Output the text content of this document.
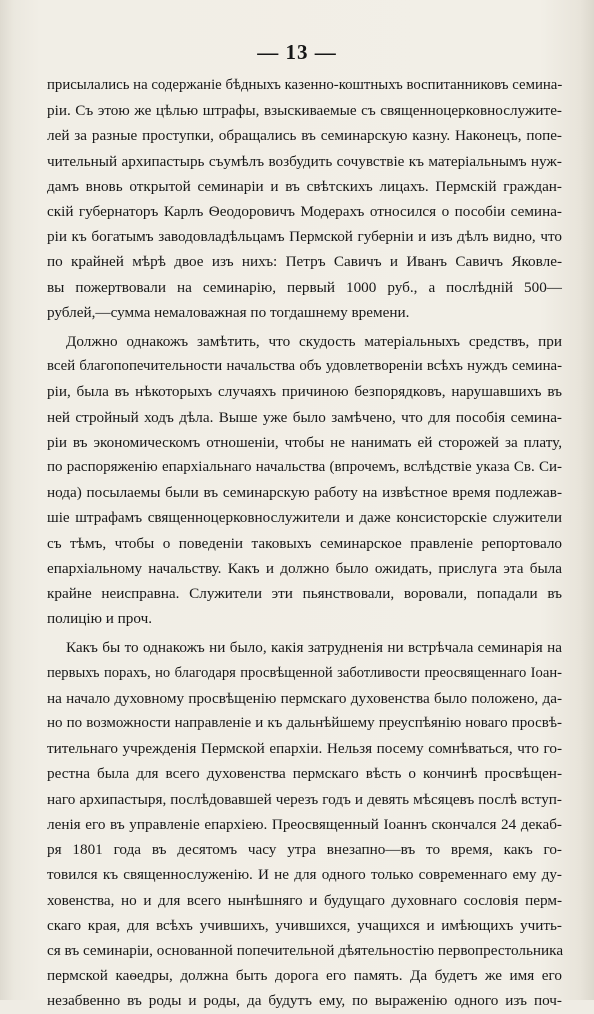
— 13 —
присылались на содержаніе бѣдныхъ казенно-коштныхъ воспитанниковъ семина-
ріи. Съ этою же цѣлью штрафы, взыскиваемые съ священноцерковнослужите-
лей за разные проступки, обращались въ семинарскую казну. Наконецъ, попе-
чительный архипастырь съумѣлъ возбудить сочувствіе къ матеріальнымъ нуж-
дамъ вновь открытой семинаріи и въ свѣтскихъ лицахъ. Пермскій граждан-
скій губернаторъ Карлъ Ѳеодоровичъ Модерахъ относился о пособіи семина-
ріи къ богатымъ заводовладѣльцамъ Пермской губерніи и изъ дѣлъ видно, что
по крайней мѣрѣ двое изъ нихъ: Петръ Савичъ и Иванъ Савичъ Яковле-
вы пожертвовали на семинарію, первый 1000 руб., а послѣдній 500—
рублей,—сумма немаловажная по тогдашнему времени.
Должно однакожъ замѣтить, что скудость матеріальныхъ средствъ, при
всей благопопечительности начальства объ удовлетвореніи всѣхъ нуждъ семина-
ріи, была въ нѣкоторыхъ случаяхъ причиною безпорядковъ, нарушавшихъ въ
ней стройный ходъ дѣла. Выше уже было замѣчено, что для пособія семина-
ріи въ экономическомъ отношеніи, чтобы не нанимать ей сторожей за плату,
по распоряженію епархіальнаго начальства (впрочемъ, вслѣдствіе указа Св. Си-
нода) посылаемы были въ семинарскую работу на извѣстное время подлежав-
шіе штрафамъ священноцерковнослужители и даже консисторскіе служители
съ тѣмъ, чтобы о поведеніи таковыхъ семинарское правленіе репортовало
епархіальному начальству. Какъ и должно было ожидать, прислуга эта была
крайне неисправна. Служители эти пьянствовали, воровали, попадали въ
полицію и проч.
Какъ бы то однакожъ ни было, какія затрудненія ни встрѣчала семинарія на
первыхъ порахъ, но благодаря просвѣщенной заботливости преосвященнаго Іоан-
на начало духовному просвѣщенію пермскаго духовенства было положено, да-
но по возможности направленіе и къ дальнѣйшему преуспѣянію новаго просвѣ-
тительнаго учрежденія Пермской епархіи. Нельзя посему сомнѣваться, что го-
рестна была для всего духовенства пермскаго вѣсть о кончинѣ просвѣщен-
наго архипастыря, послѣдовавшей черезъ годъ и девять мѣсяцевъ послѣ вступ-
ленія его въ управленіе епархіею. Преосвященный Іоаннъ скончался 24 декаб-
ря 1801 года въ десятомъ часу утра внезапно—въ то время, какъ го-
товился къ священнослуженію. И не для одного только современнаго ему ду-
ховенства, но и для всего нынѣшняго и будущаго духовнаго сословія перм-
скаго края, для всѣхъ учившихъ, учившихся, учащихся и имѣющихъ учить-
ся въ семинаріи, основанной попечительной дѣятельностію первопрестольника
пермской каѳедры, должна быть дорога его память. Да будетъ же имя его
незабвенно въ роды и роды, да будутъ ему, по выраженію одного изъ поч-
